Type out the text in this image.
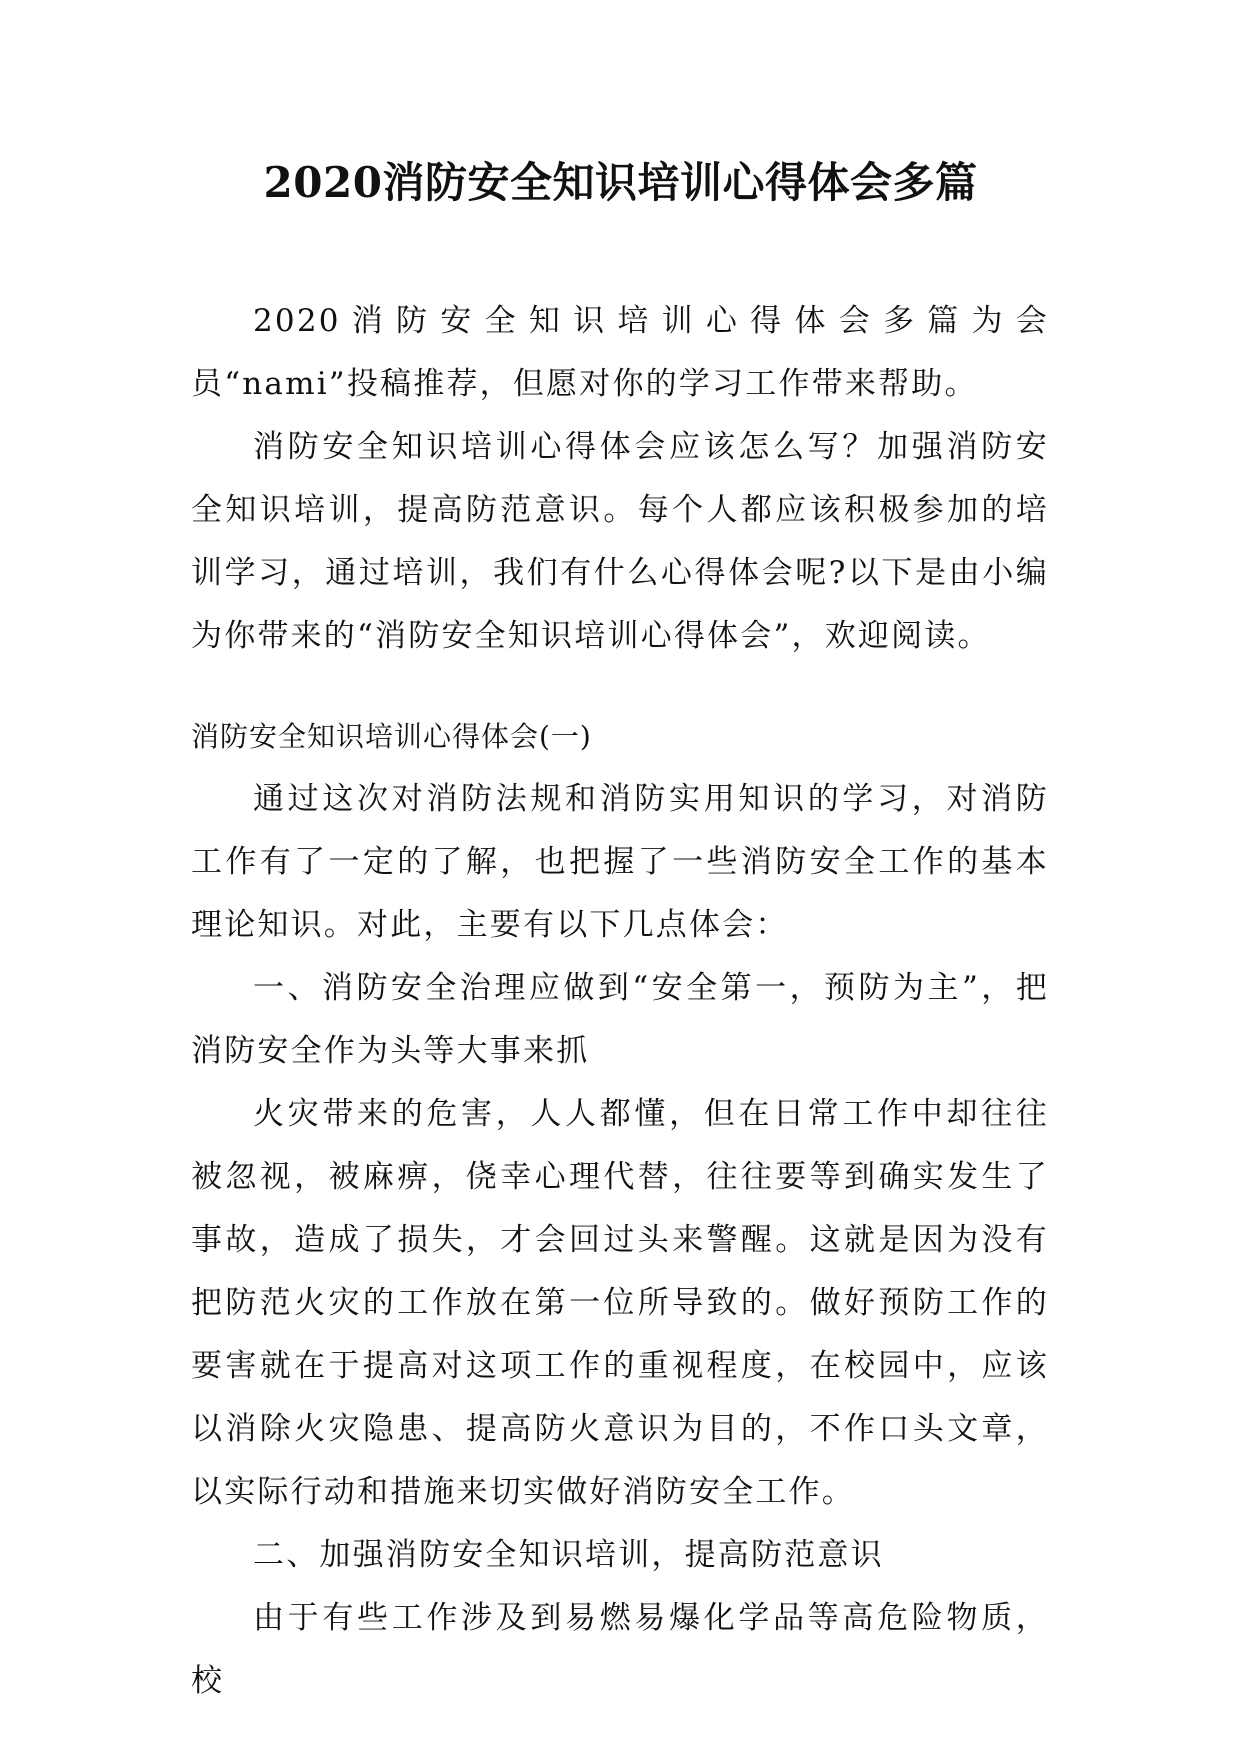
2020消防安全知识培训心得体会多篇

2020消防安全知识培训心得体会多篇为会员“nami”投稿推荐，但愿对你的学习工作带来帮助。

消防安全知识培训心得体会应该怎么写？加强消防安全知识培训，提高防范意识。每个人都应该积极参加的培训学习，通过培训，我们有什么心得体会呢?以下是由小编为你带来的“消防安全知识培训心得体会”，欢迎阅读。

消防安全知识培训心得体会(一)

通过这次对消防法规和消防实用知识的学习，对消防工作有了一定的了解，也把握了一些消防安全工作的基本理论知识。对此，主要有以下几点体会：

一、消防安全治理应做到“安全第一，预防为主”，把消防安全作为头等大事来抓

火灾带来的危害，人人都懂，但在日常工作中却往往被忽视，被麻痹，侥幸心理代替，往往要等到确实发生了事故，造成了损失，才会回过头来警醒。这就是因为没有把防范火灾的工作放在第一位所导致的。做好预防工作的要害就在于提高对这项工作的重视程度，在校园中，应该以消除火灾隐患、提高防火意识为目的，不作口头文章，以实际行动和措施来切实做好消防安全工作。

二、加强消防安全知识培训，提高防范意识

由于有些工作涉及到易燃易爆化学品等高危险物质，校
